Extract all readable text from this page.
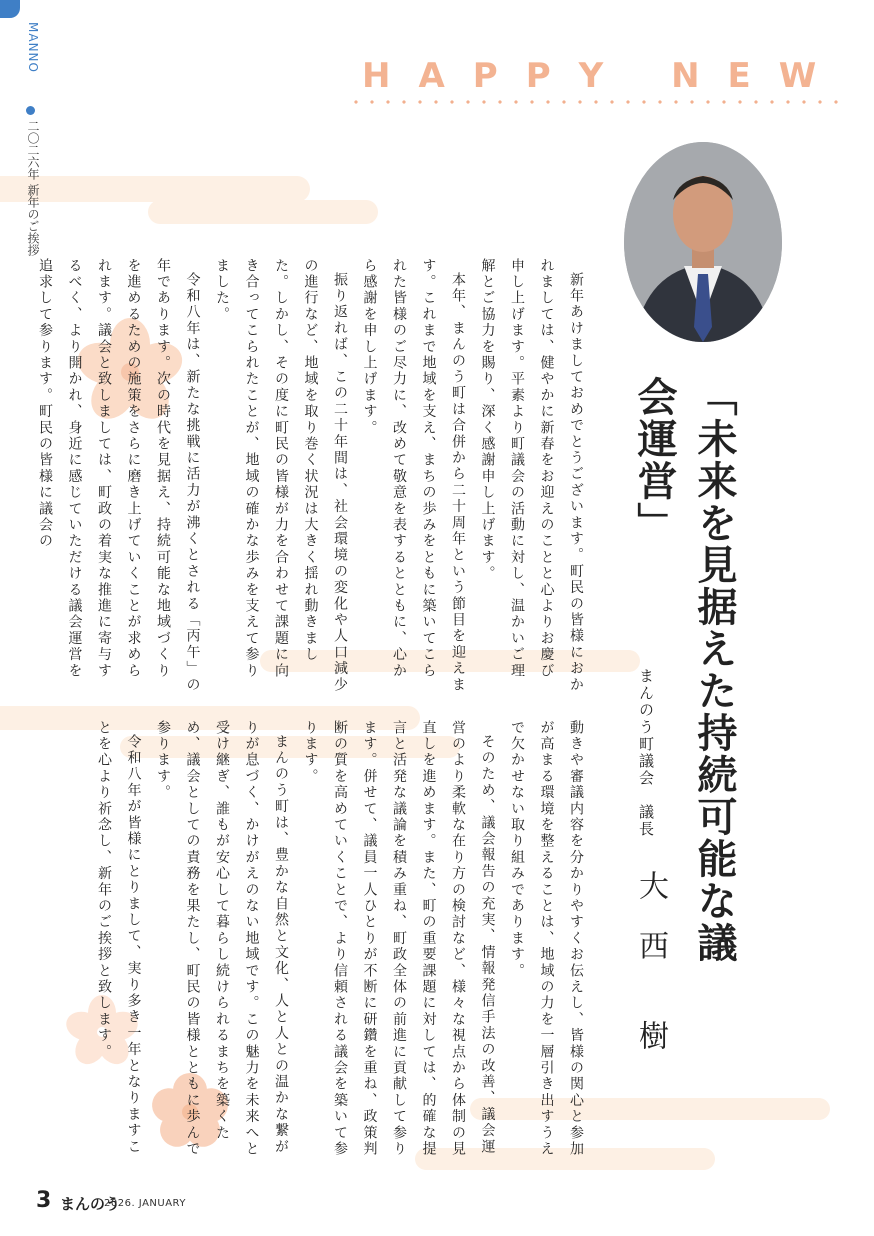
MANNO
二〇二六年 新年のご挨拶
HAPPY NEW
「未来を見据えた持続可能な議会運営」
まんのう町議会　議長
大　西　　樹

新年あけましておめでとうございます。町民の皆様におかれましては、健やかに新春をお迎えのことと心よりお慶び申し上げます。平素より町議会の活動に対し、温かいご理解とご協力を賜り、深く感謝申し上げます。

本年、まんのう町は合併から二十周年という節目を迎えます。これまで地域を支え、まちの歩みをともに築いてこられた皆様のご尽力に、改めて敬意を表するとともに、心から感謝を申し上げます。

振り返れば、この二十年間は、社会環境の変化や人口減少の進行など、地域を取り巻く状況は大きく揺れ動きました。しかし、その度に町民の皆様が力を合わせて課題に向き合ってこられたことが、地域の確かな歩みを支えて参りました。

令和八年は、新たな挑戦に活力が沸くとされる「丙午」の年であります。次の時代を見据え、持続可能な地域づくりを進めるための施策をさらに磨き上げていくことが求められます。議会と致しましては、町政の着実な推進に寄与するべく、より開かれ、身近に感じていただける議会運営を追求して参ります。町民の皆様に議会の

動きや審議内容を分かりやすくお伝えし、皆様の関心と参加が高まる環境を整えることは、地域の力を一層引き出すうえで欠かせない取り組みであります。

そのため、議会報告の充実、情報発信手法の改善、議会運営のより柔軟な在り方の検討など、様々な視点から体制の見直しを進めます。また、町の重要課題に対しては、的確な提言と活発な議論を積み重ね、町政全体の前進に貢献して参ります。併せて、議員一人ひとりが不断に研鑽を重ね、政策判断の質を高めていくことで、より信頼される議会を築いて参ります。

まんのう町は、豊かな自然と文化、人と人との温かな繋がりが息づく、かけがえのない地域です。この魅力を未来へと受け継ぎ、誰もが安心して暮らし続けられるまちを築くため、議会としての責務を果たし、町民の皆様とともに歩んで参ります。

令和八年が皆様にとりまして、実り多き一年となりますことを心より祈念し、新年のご挨拶と致します。

3 まんのう
2026. JANUARY
